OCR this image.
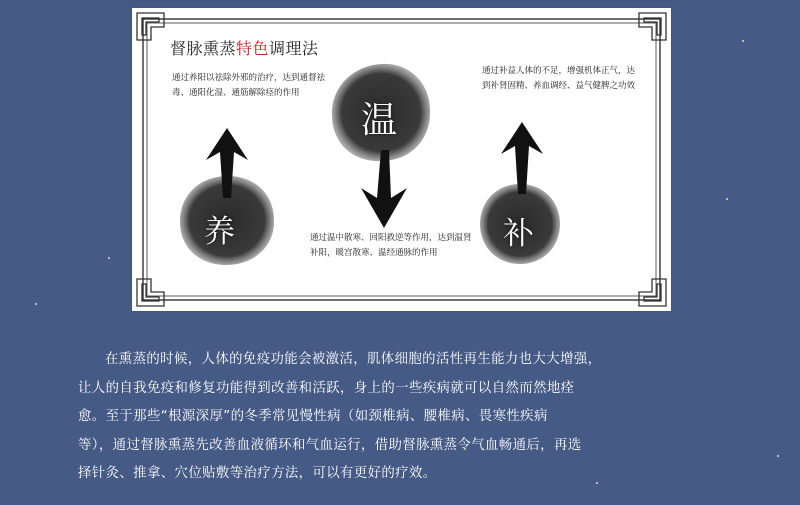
督脉熏蒸特色调理法
通过养阳以祛除外邪的治疗，达到通督祛毒、通阳化湿、通筋解除痉的作用
通过温中散寒、回阳救逆等作用，达到温肾补阳，暖宫散寒、温经通脉的作用
通过补益人体的不足，增强机体正气，达到补肾固精、养血调经、益气健脾之功效
温
养	补

在熏蒸的时候，人体的免疫功能会被激活，肌体细胞的活性再生能力也大大增强，

让人的自我免疫和修复功能得到改善和活跃，身上的一些疾病就可以自然而然地痊

愈。至于那些“根源深厚”的冬季常见慢性病（如颈椎病、腰椎病、畏寒性疾病

等），通过督脉熏蒸先改善血液循环和气血运行，借助督脉熏蒸令气血畅通后，再选

择针灸、推拿、穴位贴敷等治疗方法，可以有更好的疗效。
